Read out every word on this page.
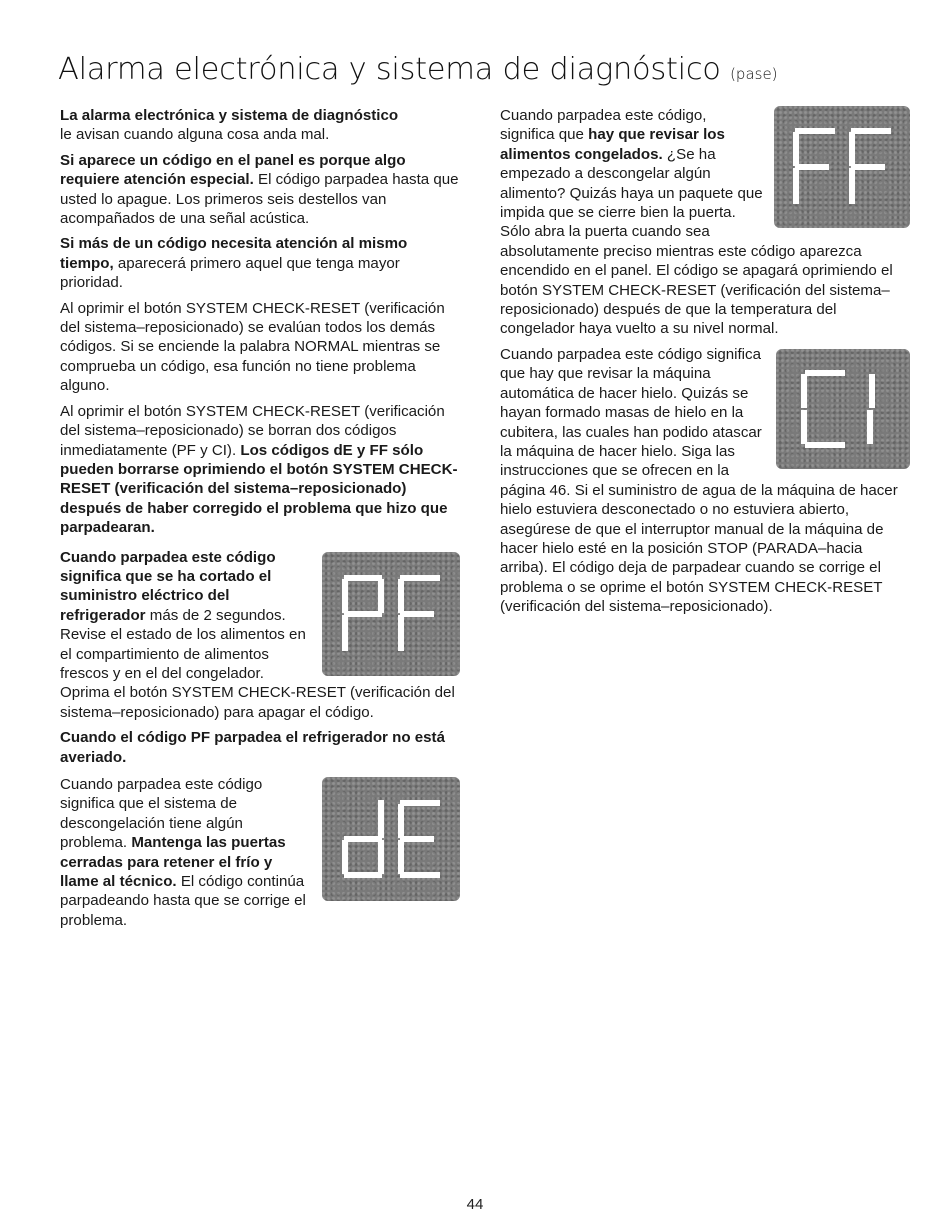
Alarma electrónica y sistema de diagnóstico (pase)

La alarma electrónica y sistema de diagnóstico
le avisan cuando alguna cosa anda mal.

Si aparece un código en el panel es porque algo requiere atención especial. El código parpadea hasta que usted lo apague. Los primeros seis destellos van acompañados de una señal acústica.

Si más de un código necesita atención al mismo tiempo, aparecerá primero aquel que tenga mayor prioridad.

Al oprimir el botón SYSTEM CHECK-RESET (verificación del sistema–reposicionado) se evalúan todos los demás códigos. Si se enciende la palabra NORMAL mientras se comprueba un código, esa función no tiene problema alguno.

Al oprimir el botón SYSTEM CHECK-RESET (verificación del sistema–reposicionado) se borran dos códigos inmediatamente (PF y CI). Los códigos dE y FF sólo pueden borrarse oprimiendo el botón SYSTEM CHECK-RESET (verificación del sistema–reposicionado) después de haber corregido el problema que hizo que parpadearan.

Cuando parpadea este código significa que se ha cortado el suministro eléctrico del refrigerador más de 2 segundos. Revise el estado de los alimentos en el compartimiento de alimentos frescos y en el del congelador. Oprima el botón SYSTEM CHECK-RESET (verificación del sistema–reposicionado) para apagar el código.

Cuando el código PF parpadea el refrigerador no está averiado.

Cuando parpadea este código significa que el sistema de descongelación tiene algún problema. Mantenga las puertas cerradas para retener el frío y llame al técnico. El código continúa parpadeando hasta que se corrige el problema.

Cuando parpadea este código, significa que hay que revisar los alimentos congelados. ¿Se ha empezado a descongelar algún alimento? Quizás haya un paquete que impida que se cierre bien la puerta. Sólo abra la puerta cuando sea absolutamente preciso mientras este código aparezca encendido en el panel. El código se apagará oprimiendo el botón SYSTEM CHECK-RESET (verificación del sistema–reposicionado) después de que la temperatura del congelador haya vuelto a su nivel normal.

Cuando parpadea este código significa que hay que revisar la máquina automática de hacer hielo. Quizás se hayan formado masas de hielo en la cubitera, las cuales han podido atascar la máquina de hacer hielo. Siga las instrucciones que se ofrecen en la página 46. Si el suministro de agua de la máquina de hacer hielo estuviera desconectado o no estuviera abierto, asegúrese de que el interruptor manual de la máquina de hacer hielo esté en la posición STOP (PARADA–hacia arriba). El código deja de parpadear cuando se corrige el problema o se oprime el botón SYSTEM CHECK-RESET (verificación del sistema–reposicionado).

44
